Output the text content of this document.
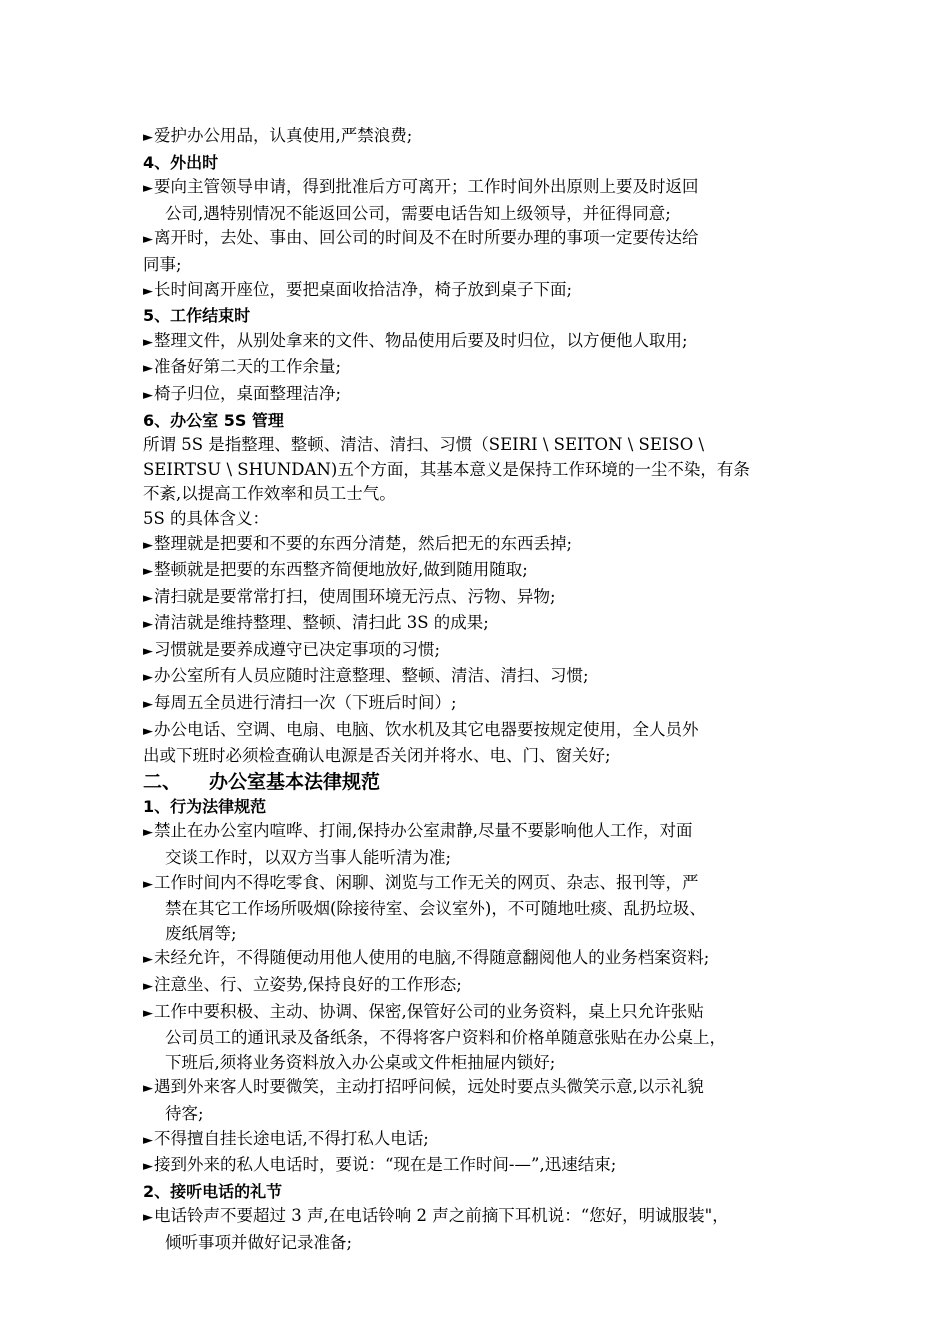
►爱护办公用品，认真使用,严禁浪费;
4、外出时
►要向主管领导申请，得到批准后方可离开；工作时间外出原则上要及时返回
公司,遇特别情况不能返回公司，需要电话告知上级领导，并征得同意;
►离开时，去处、事由、回公司的时间及不在时所要办理的事项一定要传达给
同事;
►长时间离开座位，要把桌面收拾洁净，椅子放到桌子下面;
5、工作结束时
►整理文件，从别处拿来的文件、物品使用后要及时归位，以方便他人取用;
►准备好第二天的工作余量;
►椅子归位，桌面整理洁净;
6、办公室 5S 管理
所谓 5S 是指整理、整顿、清洁、清扫、习惯（SEIRI \ SEITON \ SEISO \
SEIRTSU \ SHUNDAN)五个方面，其基本意义是保持工作环境的一尘不染，有条
不紊,以提高工作效率和员工士气。
5S 的具体含义：
►整理就是把要和不要的东西分清楚，然后把无的东西丢掉;
►整顿就是把要的东西整齐简便地放好,做到随用随取;
►清扫就是要常常打扫，使周围环境无污点、污物、异物;
►清洁就是维持整理、整顿、清扫此 3S 的成果;
►习惯就是要养成遵守已决定事项的习惯;
►办公室所有人员应随时注意整理、整顿、清洁、清扫、习惯;
►每周五全员进行清扫一次（下班后时间）;
►办公电话、空调、电扇、电脑、饮水机及其它电器要按规定使用，全人员外
出或下班时必须检查确认电源是否关闭并将水、电、门、窗关好;
二、 办公室基本法律规范
1、行为法律规范
►禁止在办公室内喧哗、打闹,保持办公室肃静,尽量不要影响他人工作，对面
交谈工作时，以双方当事人能听清为准;
►工作时间内不得吃零食、闲聊、浏览与工作无关的网页、杂志、报刊等，严
禁在其它工作场所吸烟(除接待室、会议室外)，不可随地吐痰、乱扔垃圾、
废纸屑等;
►未经允许，不得随便动用他人使用的电脑,不得随意翻阅他人的业务档案资料;
►注意坐、行、立姿势,保持良好的工作形态;
►工作中要积极、主动、协调、保密,保管好公司的业务资料，桌上只允许张贴
公司员工的通讯录及备纸条，不得将客户资料和价格单随意张贴在办公桌上，
下班后,须将业务资料放入办公桌或文件柜抽屉内锁好;
►遇到外来客人时要微笑，主动打招呼问候，远处时要点头微笑示意,以示礼貌
待客;
►不得擅自挂长途电话,不得打私人电话;
►接到外来的私人电话时，要说：“现在是工作时间-—”,迅速结束;
2、接听电话的礼节
►电话铃声不要超过 3 声,在电话铃响 2 声之前摘下耳机说：“您好，明诚服装"，
倾听事项并做好记录准备;
